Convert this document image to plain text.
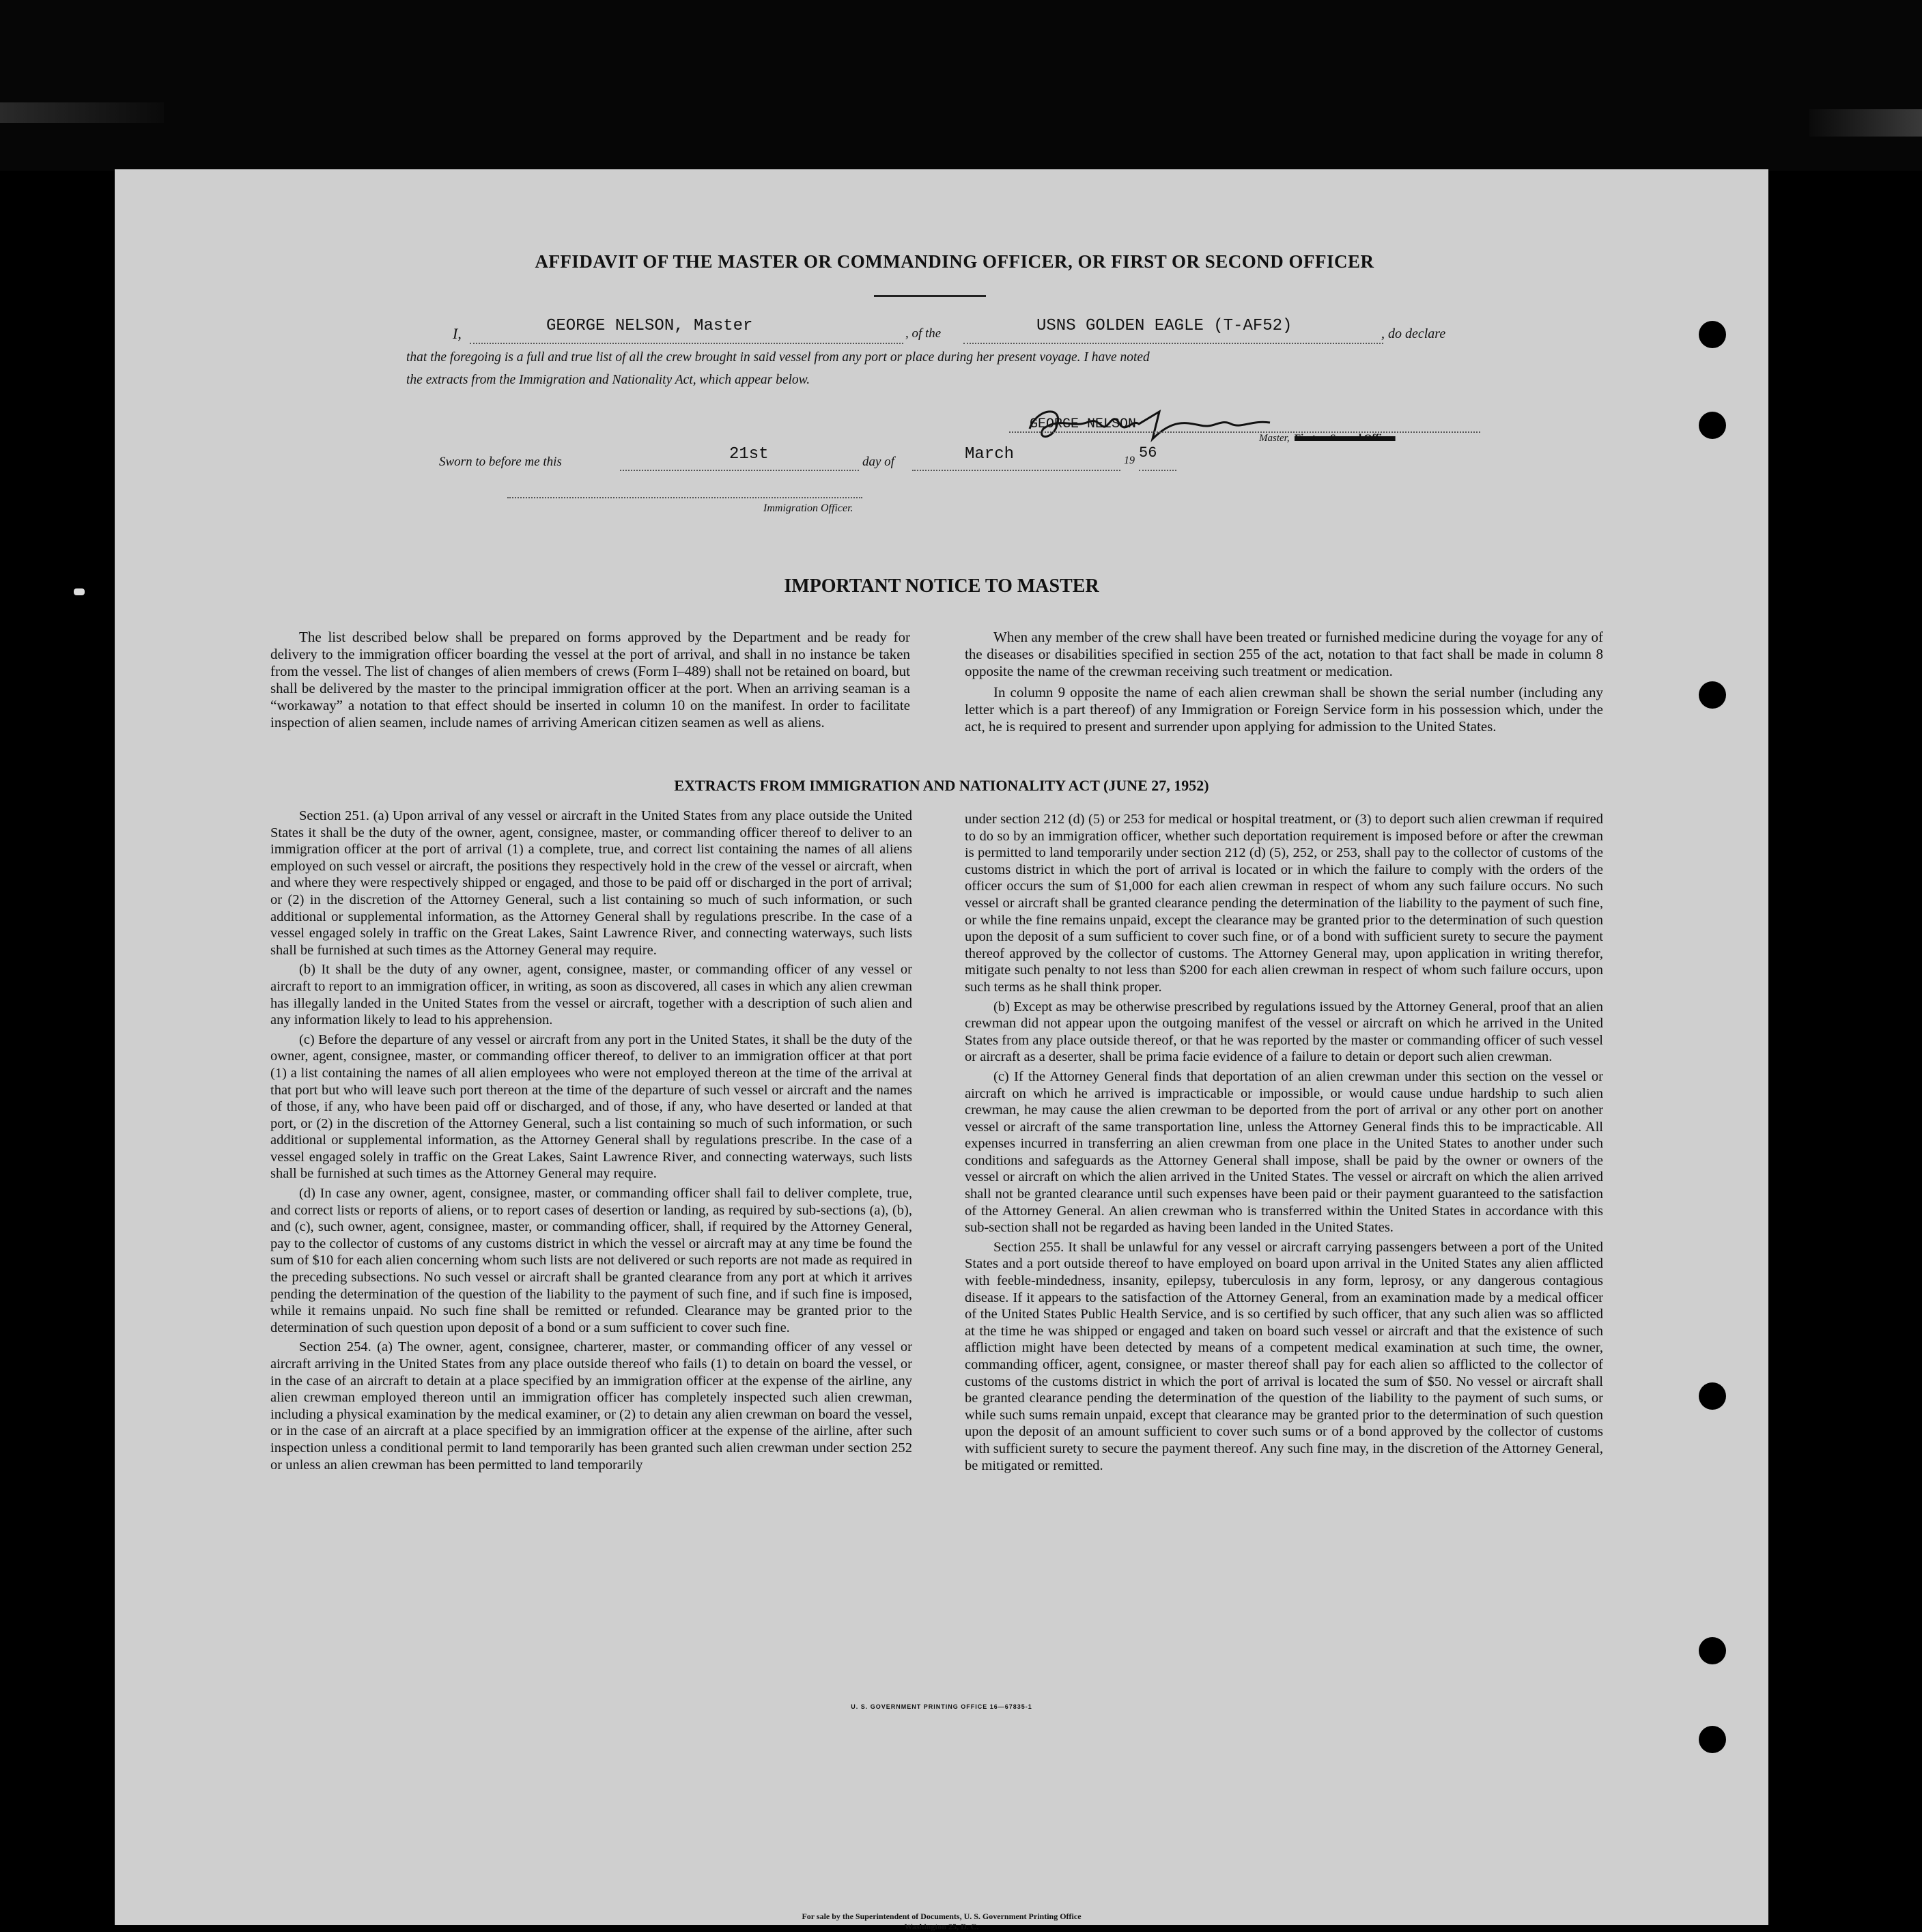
AFFIDAVIT OF THE MASTER OR COMMANDING OFFICER, OR FIRST OR SECOND OFFICER
I,	GEORGE NELSON, Master	, of the	USNS GOLDEN EAGLE (T-AF52)	, do declare
that the foregoing is a full and true list of all the crew brought in said vessel from any port or place during her present voyage. I have noted
the extracts from the Immigration and Nationality Act, which appear below.
GEORGE NELSON
Master, First or Second Officer
Sworn to before me this	21st	day of	March	19 56
Immigration Officer.
IMPORTANT NOTICE TO MASTER

The list described below shall be prepared on forms approved by the Department and be ready for delivery to the immigration officer boarding the vessel at the port of arrival, and shall in no instance be taken from the vessel. The list of changes of alien members of crews (Form I–489) shall not be retained on board, but shall be delivered by the master to the principal immigration officer at the port. When an arriving seaman is a “workaway” a notation to that effect should be inserted in column 10 on the manifest. In order to facilitate inspection of alien seamen, include names of arriving American citizen seamen as well as aliens.

When any member of the crew shall have been treated or furnished medicine during the voyage for any of the diseases or disabilities specified in section 255 of the act, notation to that fact shall be made in column 8 opposite the name of the crewman receiving such treatment or medication.

In column 9 opposite the name of each alien crewman shall be shown the serial number (including any letter which is a part thereof) of any Immigration or Foreign Service form in his possession which, under the act, he is required to present and surrender upon applying for admission to the United States.

EXTRACTS FROM IMMIGRATION AND NATIONALITY ACT (JUNE 27, 1952)

Section 251. (a) Upon arrival of any vessel or aircraft in the United States from any place outside the United States it shall be the duty of the owner, agent, consignee, master, or commanding officer thereof to deliver to an immigration officer at the port of arrival (1) a complete, true, and correct list containing the names of all aliens employed on such vessel or aircraft, the positions they respectively hold in the crew of the vessel or aircraft, when and where they were respectively shipped or engaged, and those to be paid off or discharged in the port of arrival; or (2) in the discretion of the Attorney General, such a list containing so much of such information, or such additional or supplemental information, as the Attorney General shall by regulations prescribe. In the case of a vessel engaged solely in traffic on the Great Lakes, Saint Lawrence River, and connecting waterways, such lists shall be furnished at such times as the Attorney General may require.

(b) It shall be the duty of any owner, agent, consignee, master, or commanding officer of any vessel or aircraft to report to an immigration officer, in writing, as soon as discovered, all cases in which any alien crewman has illegally landed in the United States from the vessel or aircraft, together with a description of such alien and any information likely to lead to his apprehension.

(c) Before the departure of any vessel or aircraft from any port in the United States, it shall be the duty of the owner, agent, consignee, master, or commanding officer thereof, to deliver to an immigration officer at that port (1) a list containing the names of all alien employees who were not employed thereon at the time of the arrival at that port but who will leave such port thereon at the time of the departure of such vessel or aircraft and the names of those, if any, who have been paid off or discharged, and of those, if any, who have deserted or landed at that port, or (2) in the discretion of the Attorney General, such a list containing so much of such information, or such additional or supplemental information, as the Attorney General shall by regulations prescribe. In the case of a vessel engaged solely in traffic on the Great Lakes, Saint Lawrence River, and connecting waterways, such lists shall be furnished at such times as the Attorney General may require.

(d) In case any owner, agent, consignee, master, or commanding officer shall fail to deliver complete, true, and correct lists or reports of aliens, or to report cases of desertion or landing, as required by sub-sections (a), (b), and (c), such owner, agent, consignee, master, or commanding officer, shall, if required by the Attorney General, pay to the collector of customs of any customs district in which the vessel or aircraft may at any time be found the sum of $10 for each alien concerning whom such lists are not delivered or such reports are not made as required in the preceding subsections. No such vessel or aircraft shall be granted clearance from any port at which it arrives pending the determination of the question of the liability to the payment of such fine, and if such fine is imposed, while it remains unpaid. No such fine shall be remitted or refunded. Clearance may be granted prior to the determination of such question upon deposit of a bond or a sum sufficient to cover such fine.

Section 254. (a) The owner, agent, consignee, charterer, master, or commanding officer of any vessel or aircraft arriving in the United States from any place outside thereof who fails (1) to detain on board the vessel, or in the case of an aircraft to detain at a place specified by an immigration officer at the expense of the airline, any alien crewman employed thereon until an immigration officer has completely inspected such alien crewman, including a physical examination by the medical examiner, or (2) to detain any alien crewman on board the vessel, or in the case of an aircraft at a place specified by an immigration officer at the expense of the airline, after such inspection unless a conditional permit to land temporarily has been granted such alien crewman under section 252 or unless an alien crewman has been permitted to land temporarily

under section 212 (d) (5) or 253 for medical or hospital treatment, or (3) to deport such alien crewman if required to do so by an immigration officer, whether such deportation requirement is imposed before or after the crewman is permitted to land temporarily under section 212 (d) (5), 252, or 253, shall pay to the collector of customs of the customs district in which the port of arrival is located or in which the failure to comply with the orders of the officer occurs the sum of $1,000 for each alien crewman in respect of whom any such failure occurs. No such vessel or aircraft shall be granted clearance pending the determination of the liability to the payment of such fine, or while the fine remains unpaid, except the clearance may be granted prior to the determination of such question upon the deposit of a sum sufficient to cover such fine, or of a bond with sufficient surety to secure the payment thereof approved by the collector of customs. The Attorney General may, upon application in writing therefor, mitigate such penalty to not less than $200 for each alien crewman in respect of whom such failure occurs, upon such terms as he shall think proper.

(b) Except as may be otherwise prescribed by regulations issued by the Attorney General, proof that an alien crewman did not appear upon the outgoing manifest of the vessel or aircraft on which he arrived in the United States from any place outside thereof, or that he was reported by the master or commanding officer of such vessel or aircraft as a deserter, shall be prima facie evidence of a failure to detain or deport such alien crewman.

(c) If the Attorney General finds that deportation of an alien crewman under this section on the vessel or aircraft on which he arrived is impracticable or impossible, or would cause undue hardship to such alien crewman, he may cause the alien crewman to be deported from the port of arrival or any other port on another vessel or aircraft of the same transportation line, unless the Attorney General finds this to be impracticable. All expenses incurred in transferring an alien crewman from one place in the United States to another under such conditions and safeguards as the Attorney General shall impose, shall be paid by the owner or owners of the vessel or aircraft on which the alien arrived in the United States. The vessel or aircraft on which the alien arrived shall not be granted clearance until such expenses have been paid or their payment guaranteed to the satisfaction of the Attorney General. An alien crewman who is transferred within the United States in accordance with this sub-section shall not be regarded as having been landed in the United States.

Section 255. It shall be unlawful for any vessel or aircraft carrying passengers between a port of the United States and a port outside thereof to have employed on board upon arrival in the United States any alien afflicted with feeble-mindedness, insanity, epilepsy, tuberculosis in any form, leprosy, or any dangerous contagious disease. If it appears to the satisfaction of the Attorney General, from an examination made by a medical officer of the United States Public Health Service, and is so certified by such officer, that any such alien was so afflicted at the time he was shipped or engaged and taken on board such vessel or aircraft and that the existence of such affliction might have been detected by means of a competent medical examination at such time, the owner, commanding officer, agent, consignee, or master thereof shall pay for each alien so afflicted to the collector of customs of the customs district in which the port of arrival is located the sum of $50. No vessel or aircraft shall be granted clearance pending the determination of the question of the liability to the payment of such sums, or while such sums remain unpaid, except that clearance may be granted prior to the determination of such question upon the deposit of an amount sufficient to cover such sums or of a bond approved by the collector of customs with sufficient surety to secure the payment thereof. Any such fine may, in the discretion of the Attorney General, be mitigated or remitted.

U. S. GOVERNMENT PRINTING OFFICE 16—67835-1
For sale by the Superintendent of Documents, U. S. Government Printing Office
Washington 25, D. C.
